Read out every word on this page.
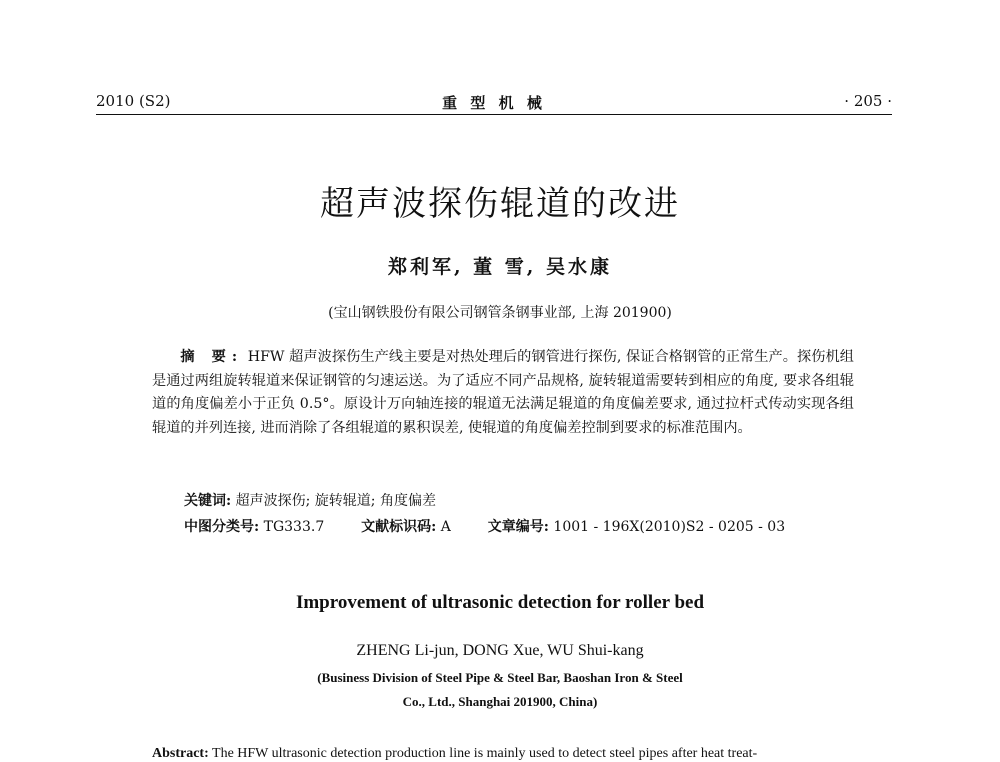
2010 (S2)	重 型 机 械	· 205 ·
超声波探伤辊道的改进
郑利军, 董 雪, 吴水康
(宝山钢铁股份有限公司钢管条钢事业部, 上海 201900)
摘 要: HFW 超声波探伤生产线主要是对热处理后的钢管进行探伤, 保证合格钢管的正常生产。探伤机组是通过两组旋转辊道来保证钢管的匀速运送。为了适应不同产品规格, 旋转辊道需要转到相应的角度, 要求各组辊道的角度偏差小于正负 0.5°。原设计万向轴连接的辊道无法满足辊道的角度偏差要求, 通过拉杆式传动实现各组辊道的并列连接, 进而消除了各组辊道的累积误差, 使辊道的角度偏差控制到要求的标准范围内。
关键词: 超声波探伤; 旋转辊道; 角度偏差
中图分类号: TG333.7	文献标识码: A	文章编号: 1001 - 196X(2010)S2 - 0205 - 03
Improvement of ultrasonic detection for roller bed
ZHENG Li-jun, DONG Xue, WU Shui-kang
(Business Division of Steel Pipe & Steel Bar, Baoshan Iron & Steel
Co., Ltd., Shanghai 201900, China)
Abstract: The HFW ultrasonic detection production line is mainly used to detect steel pipes after heat treat-
